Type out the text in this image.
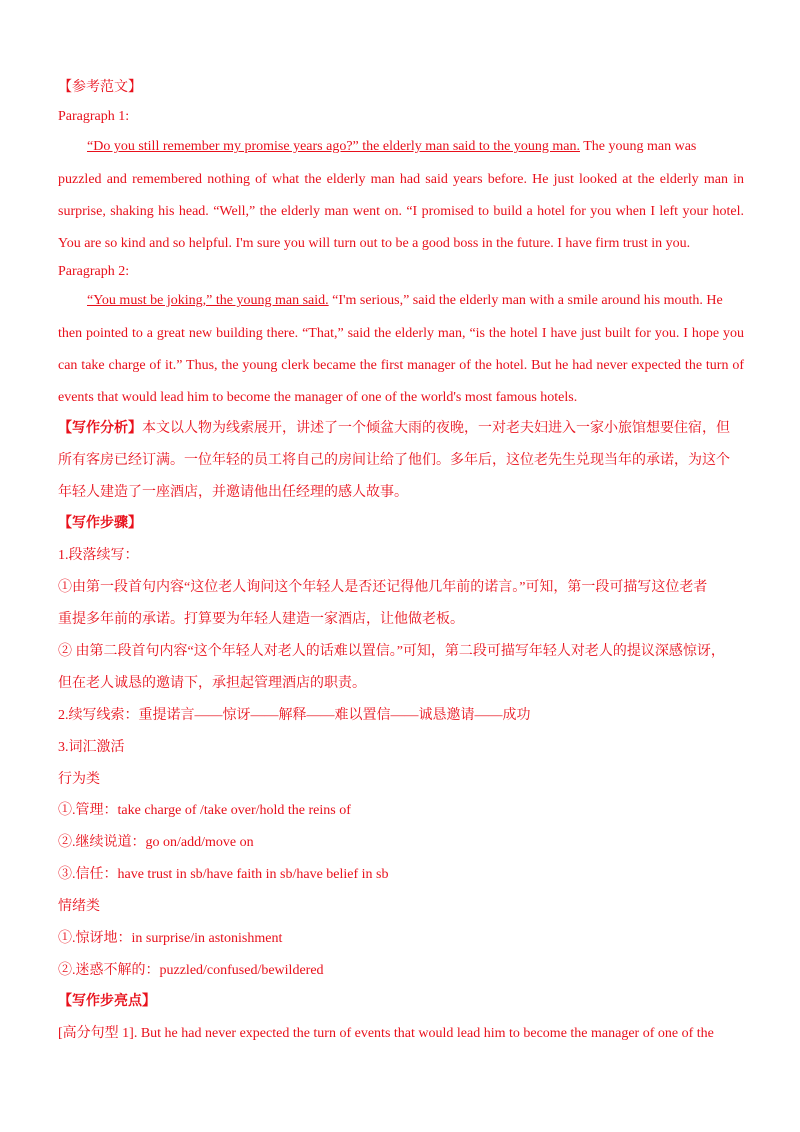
【参考范文】
Paragraph 1:
“Do you still remember my promise years ago?” the elderly man said to the young man. The young man was
puzzled and remembered nothing of what the elderly man had said years before. He just looked at the elderly man in
surprise, shaking his head. “Well,” the elderly man went on. “I promised to build a hotel for you when I left your hotel.
You are so kind and so helpful. I'm sure you will turn out to be a good boss in the future. I have firm trust in you.
Paragraph 2:
“You must be joking,” the young man said. “I'm serious,” said the elderly man with a smile around his mouth. He
then pointed to a great new building there. “That,” said the elderly man, “is the hotel I have just built for you. I hope you
can take charge of it.” Thus, the young clerk became the first manager of the hotel. But he had never expected the turn of
events that would lead him to become the manager of one of the world's most famous hotels.
【写作分析】本文以人物为线索展开，讲述了一个倾盆大雨的夜晚，一对老夫妇进入一家小旅馆想要住宿，但
所有客房已经订满。一位年轻的员工将自己的房间让给了他们。多年后，这位老先生兑现当年的承诺，为这个
年轻人建造了一座酒店，并邀请他出任经理的感人故事。
【写作步骤】
1.段落续写：
①由第一段首句内容“这位老人询问这个年轻人是否还记得他几年前的诺言。”可知，第一段可描写这位老者
重提多年前的承诺。打算要为年轻人建造一家酒店，让他做老板。
② 由第二段首句内容“这个年轻人对老人的话难以置信。”可知，第二段可描写年轻人对老人的提议深感惊讶，
但在老人诚恳的邀请下，承担起管理酒店的职责。
2.续写线索：重提诺言——惊讶——解释——难以置信——诚恳邀请——成功
3.词汇激活
行为类
①.管理：take charge of /take over/hold the reins of
②.继续说道：go on/add/move on
③.信任：have trust in sb/have faith in sb/have belief in sb
情绪类
①.惊讶地：in surprise/in astonishment
②.迷惑不解的：puzzled/confused/bewildered
【写作步亮点】
[高分句型 1]. But he had never expected the turn of events that would lead him to become the manager of one of the
